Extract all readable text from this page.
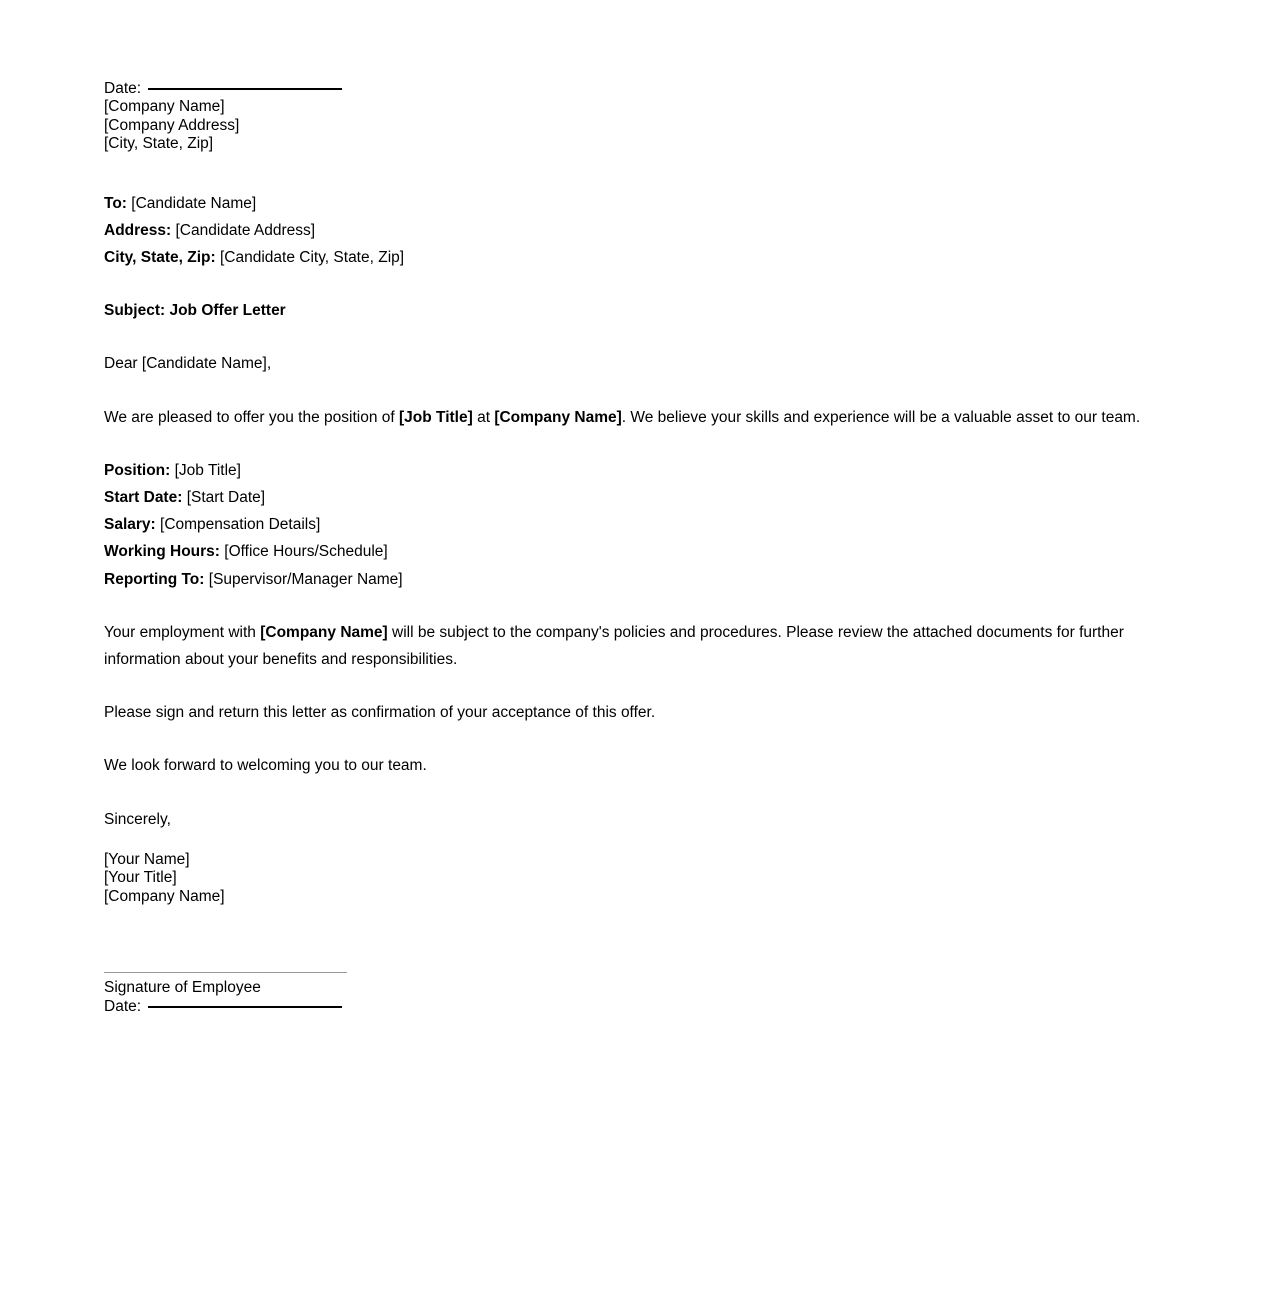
Date:
[Company Name]
[Company Address]
[City, State, Zip]
To: [Candidate Name]
Address: [Candidate Address]
City, State, Zip: [Candidate City, State, Zip]
Subject: Job Offer Letter
Dear [Candidate Name],
We are pleased to offer you the position of [Job Title] at [Company Name]. We believe your skills and experience will be a valuable asset to our team.
Position: [Job Title]
Start Date: [Start Date]
Salary: [Compensation Details]
Working Hours: [Office Hours/Schedule]
Reporting To: [Supervisor/Manager Name]
Your employment with [Company Name] will be subject to the company's policies and procedures. Please review the attached documents for further information about your benefits and responsibilities.
Please sign and return this letter as confirmation of your acceptance of this offer.
We look forward to welcoming you to our team.
Sincerely,
[Your Name]
[Your Title]
[Company Name]
Signature of Employee
Date:
